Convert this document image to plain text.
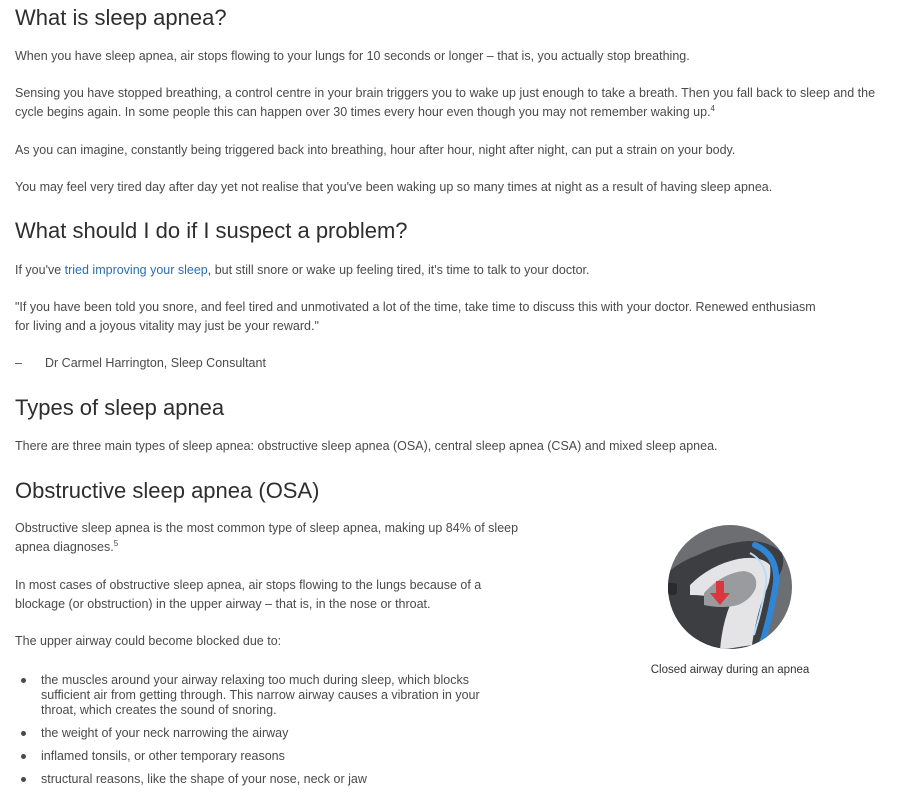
What is sleep apnea?

When you have sleep apnea, air stops flowing to your lungs for 10 seconds or longer – that is, you actually stop breathing.

Sensing you have stopped breathing, a control centre in your brain triggers you to wake up just enough to take a breath. Then you fall back to sleep and the cycle begins again. In some people this can happen over 30 times every hour even though you may not remember waking up.$^4$

As you can imagine, constantly being triggered back into breathing, hour after hour, night after night, can put a strain on your body.

You may feel very tired day after day yet not realise that you've been waking up so many times at night as a result of having sleep apnea.

What should I do if I suspect a problem?

If you've tried improving your sleep, but still snore or wake up feeling tired, it's time to talk to your doctor.

"If you have been told you snore, and feel tired and unmotivated a lot of the time, take time to discuss this with your doctor. Renewed enthusiasm for living and a joyous vitality may just be your reward."

– Dr Carmel Harrington, Sleep Consultant

Types of sleep apnea

There are three main types of sleep apnea: obstructive sleep apnea (OSA), central sleep apnea (CSA) and mixed sleep apnea.

Obstructive sleep apnea (OSA)

Obstructive sleep apnea is the most common type of sleep apnea, making up 84% of sleep apnea diagnoses.$^5$

In most cases of obstructive sleep apnea, air stops flowing to the lungs because of a blockage (or obstruction) in the upper airway – that is, in the nose or throat.

The upper airway could become blocked due to:

the muscles around your airway relaxing too much during sleep, which blocks sufficient air from getting through. This narrow airway causes a vibration in your throat, which creates the sound of snoring.
the weight of your neck narrowing the airway
inflamed tonsils, or other temporary reasons
structural reasons, like the shape of your nose, neck or jaw
Closed airway during an apnea
